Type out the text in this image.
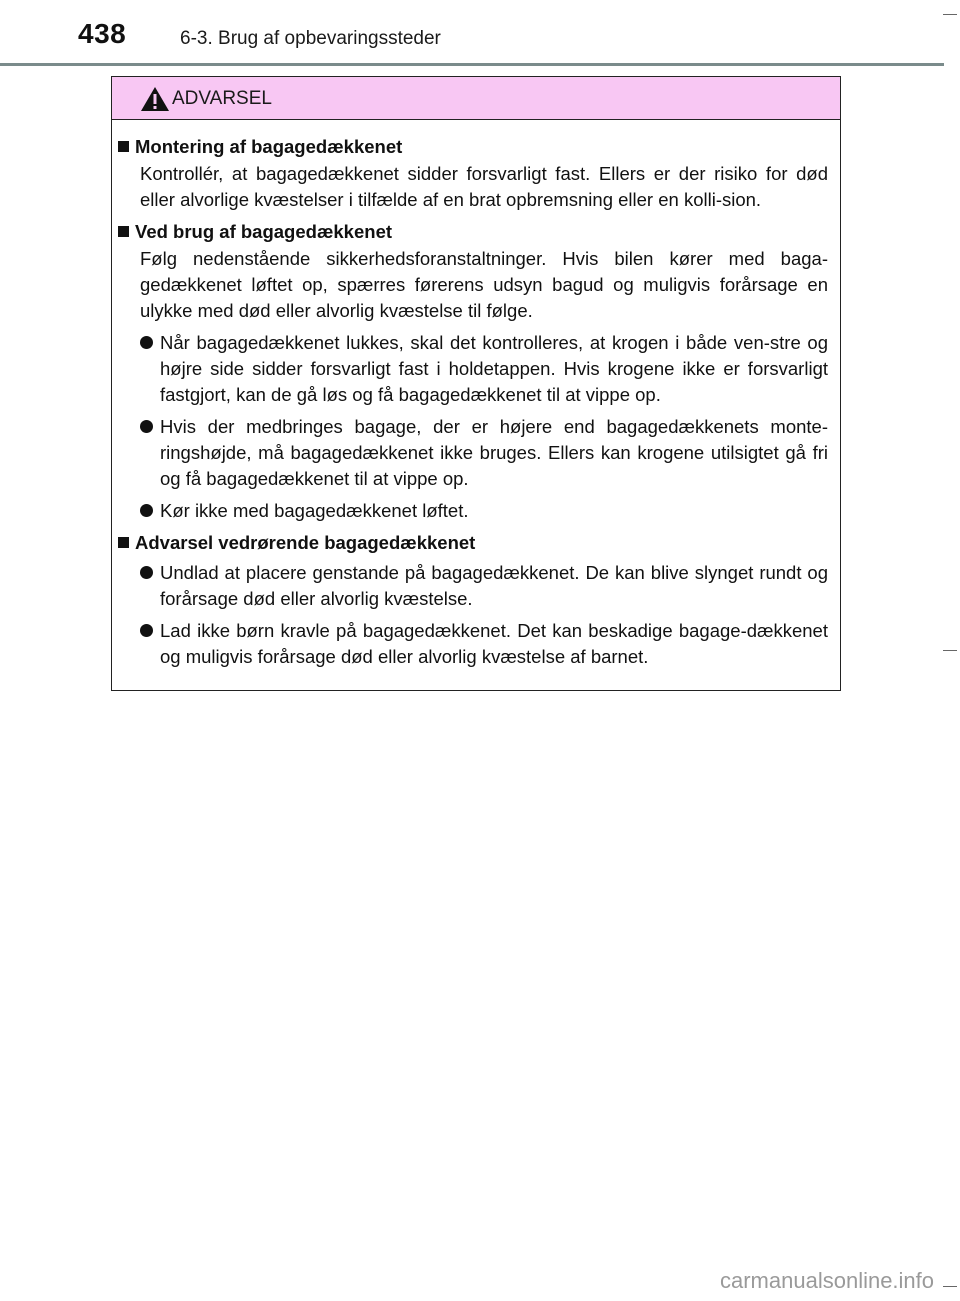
438	6-3. Brug af opbevaringssteder
ADVARSEL
Montering af bagagedækkenet
Kontrollér, at bagagedækkenet sidder forsvarligt fast. Ellers er der risiko for død eller alvorlige kvæstelser i tilfælde af en brat opbremsning eller en kolli-sion.
Ved brug af bagagedækkenet
Følg nedenstående sikkerhedsforanstaltninger. Hvis bilen kører med baga-gedækkenet løftet op, spærres førerens udsyn bagud og muligvis forårsage en ulykke med død eller alvorlig kvæstelse til følge.
Når bagagedækkenet lukkes, skal det kontrolleres, at krogen i både ven-stre og højre side sidder forsvarligt fast i holdetappen. Hvis krogene ikke er forsvarligt fastgjort, kan de gå løs og få bagagedækkenet til at vippe op.
Hvis der medbringes bagage, der er højere end bagagedækkenets monte-ringshøjde, må bagagedækkenet ikke bruges. Ellers kan krogene utilsigtet gå fri og få bagagedækkenet til at vippe op.
Kør ikke med bagagedækkenet løftet.
Advarsel vedrørende bagagedækkenet
Undlad at placere genstande på bagagedækkenet. De kan blive slynget rundt og forårsage død eller alvorlig kvæstelse.
Lad ikke børn kravle på bagagedækkenet. Det kan beskadige bagage-dækkenet og muligvis forårsage død eller alvorlig kvæstelse af barnet.
carmanualsonline.info
